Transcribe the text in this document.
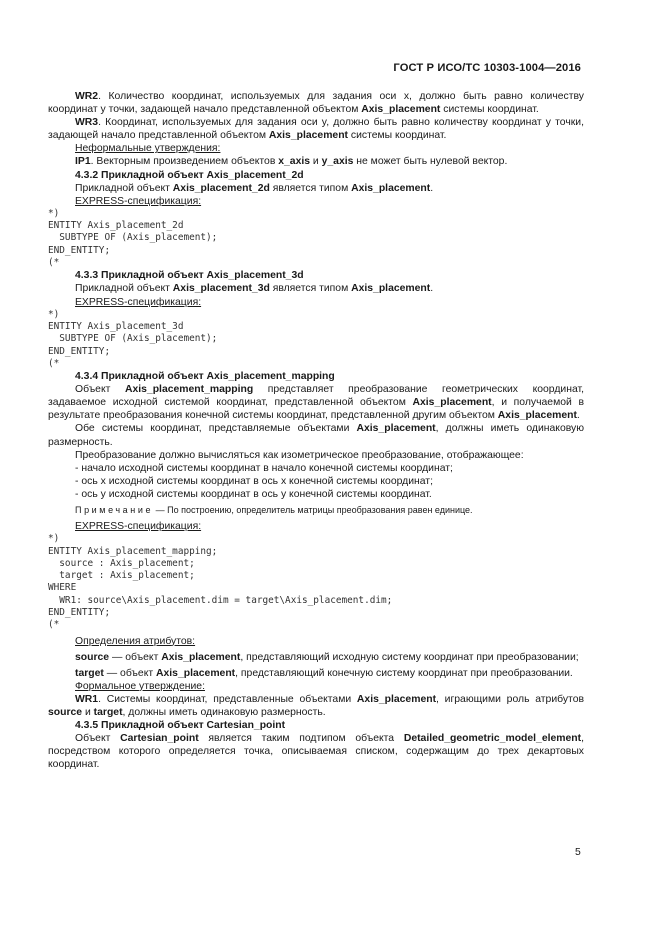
ГОСТ Р ИСО/ТС 10303-1004—2016

WR2. Количество координат, используемых для задания оси x, должно быть равно количеству координат у точки, задающей начало представленной объектом Axis_placement системы координат.

WR3. Координат, используемых для задания оси y, должно быть равно количеству координат у точки, задающей начало представленной объектом Axis_placement системы координат.

Неформальные утверждения:

IP1. Векторным произведением объектов x_axis и y_axis не может быть нулевой вектор.

4.3.2 Прикладной объект Axis_placement_2d

Прикладной объект Axis_placement_2d является типом Axis_placement.

EXPRESS-спецификация:

*)
ENTITY Axis_placement_2d
SUBTYPE OF (Axis_placement);
END_ENTITY;
(*

4.3.3 Прикладной объект Axis_placement_3d

Прикладной объект Axis_placement_3d является типом Axis_placement.

EXPRESS-спецификация:

*)
ENTITY Axis_placement_3d
SUBTYPE OF (Axis_placement);
END_ENTITY;
(*

4.3.4 Прикладной объект Axis_placement_mapping

Объект Axis_placement_mapping представляет преобразование геометрических координат, задаваемое исходной системой координат, представленной объектом Axis_placement, и получаемой в результате преобразования конечной системы координат, представленной другим объектом Axis_placement.

Обе системы координат, представляемые объектами Axis_placement, должны иметь одинаковую размерность.

Преобразование должно вычисляться как изометрическое преобразование, отображающее:

- начало исходной системы координат в начало конечной системы координат;

- ось x исходной системы координат в ось x конечной системы координат;

- ось y исходной системы координат в ось y конечной системы координат.

Примечание — По построению, определитель матрицы преобразования равен единице.

EXPRESS-спецификация:

*)
ENTITY Axis_placement_mapping;
source : Axis_placement;
target : Axis_placement;
WHERE
WR1: source\Axis_placement.dim = target\Axis_placement.dim;
END_ENTITY;
(*

Определения атрибутов:

source — объект Axis_placement, представляющий исходную систему координат при преобразовании;

target — объект Axis_placement, представляющий конечную систему координат при преобразовании.

Формальное утверждение:

WR1. Системы координат, представленные объектами Axis_placement, играющими роль атрибутов source и target, должны иметь одинаковую размерность.

4.3.5 Прикладной объект Cartesian_point

Объект Cartesian_point является таким подтипом объекта Detailed_geometric_model_element, посредством которого определяется точка, описываемая списком, содержащим до трех декартовых координат.

5
